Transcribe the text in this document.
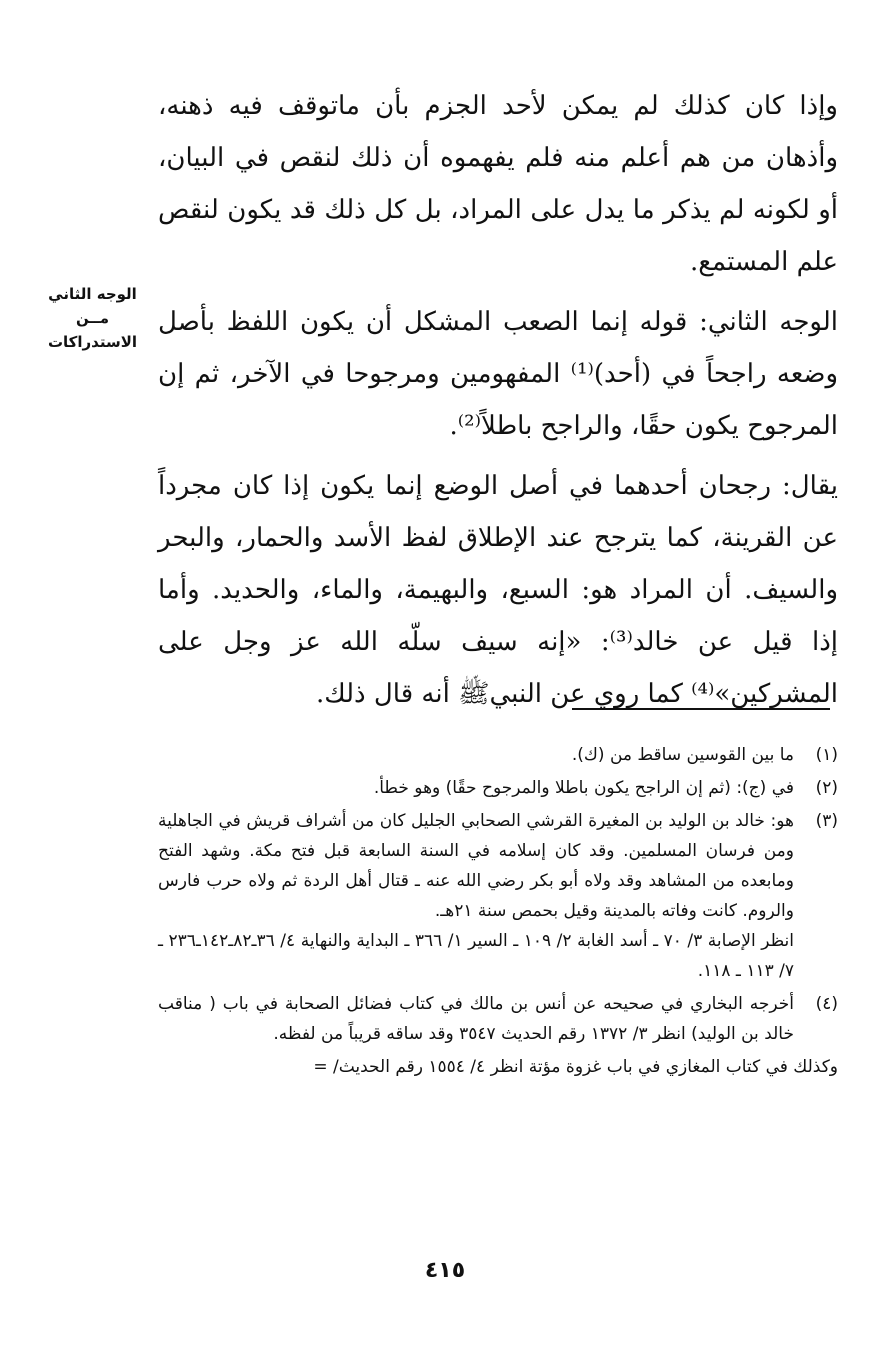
وإذا كان كذلك لم يمكن لأحد الجزم بأن ماتوقف فيه ذهنه، وأذهان من هم أعلم منه فلم يفهموه أن ذلك لنقص في البيان، أو لكونه لم يذكر ما يدل على المراد، بل كل ذلك قد يكون لنقص علم المستمع.

الوجه الثاني: قوله إنما الصعب المشكل أن يكون اللفظ بأصل وضعه راجحاً في (أحد)⁽¹⁾ المفهومين ومرجوحا في الآخر، ثم إن المرجوح يكون حقًا، والراجح باطلاً⁽²⁾.

يقال: رجحان أحدهما في أصل الوضع إنما يكون إذا كان مجرداً عن القرينة، كما يترجح عند الإطلاق لفظ الأسد والحمار، والبحر والسيف. أن المراد هو: السبع، والبهيمة، والماء، والحديد. وأما إذا قيل عن خالد⁽³⁾: «إنه سيف سلّه الله عز وجل على المشركين»⁽⁴⁾ كما روي عن النبيﷺ أنه قال ذلك.

الوجه الثاني
مــن
الاستدراكات
(١)
ما بين القوسين ساقط من (ك).
(٢)
في (ج): (ثم إن الراجح يكون باطلا والمرجوح حقًا) وهو خطأ.
(٣)
هو: خالد بن الوليد بن المغيرة القرشي الصحابي الجليل كان من أشراف قريش في الجاهلية ومن فرسان المسلمين. وقد كان إسلامه في السنة السابعة قبل فتح مكة. وشهد الفتح ومابعده من المشاهد وقد ولاه أبو بكر رضي الله عنه ـ قتال أهل الردة ثم ولاه حرب فارس والروم. كانت وفاته بالمدينة وقيل بحمص سنة ٢١هـ.
انظر الإصابة ٣/ ٧٠ ـ أسد الغابة ٢/ ١٠٩ ـ السير ١/ ٣٦٦ ـ البداية والنهاية ٤/ ٣٦ـ٨٢ـ١٤٢ـ٢٣٦ ـ ٧/ ١١٣ ـ ١١٨.
(٤)
أخرجه البخاري في صحيحه عن أنس بن مالك في كتاب فضائل الصحابة في باب ( مناقب خالد بن الوليد) انظر ٣/ ١٣٧٢ رقم الحديث ٣٥٤٧ وقد ساقه قريباً من لفظه.
وكذلك في كتاب المغازي في باب غزوة مؤتة انظر ٤/ ١٥٥٤ رقم الحديث/ =
٤١٥
